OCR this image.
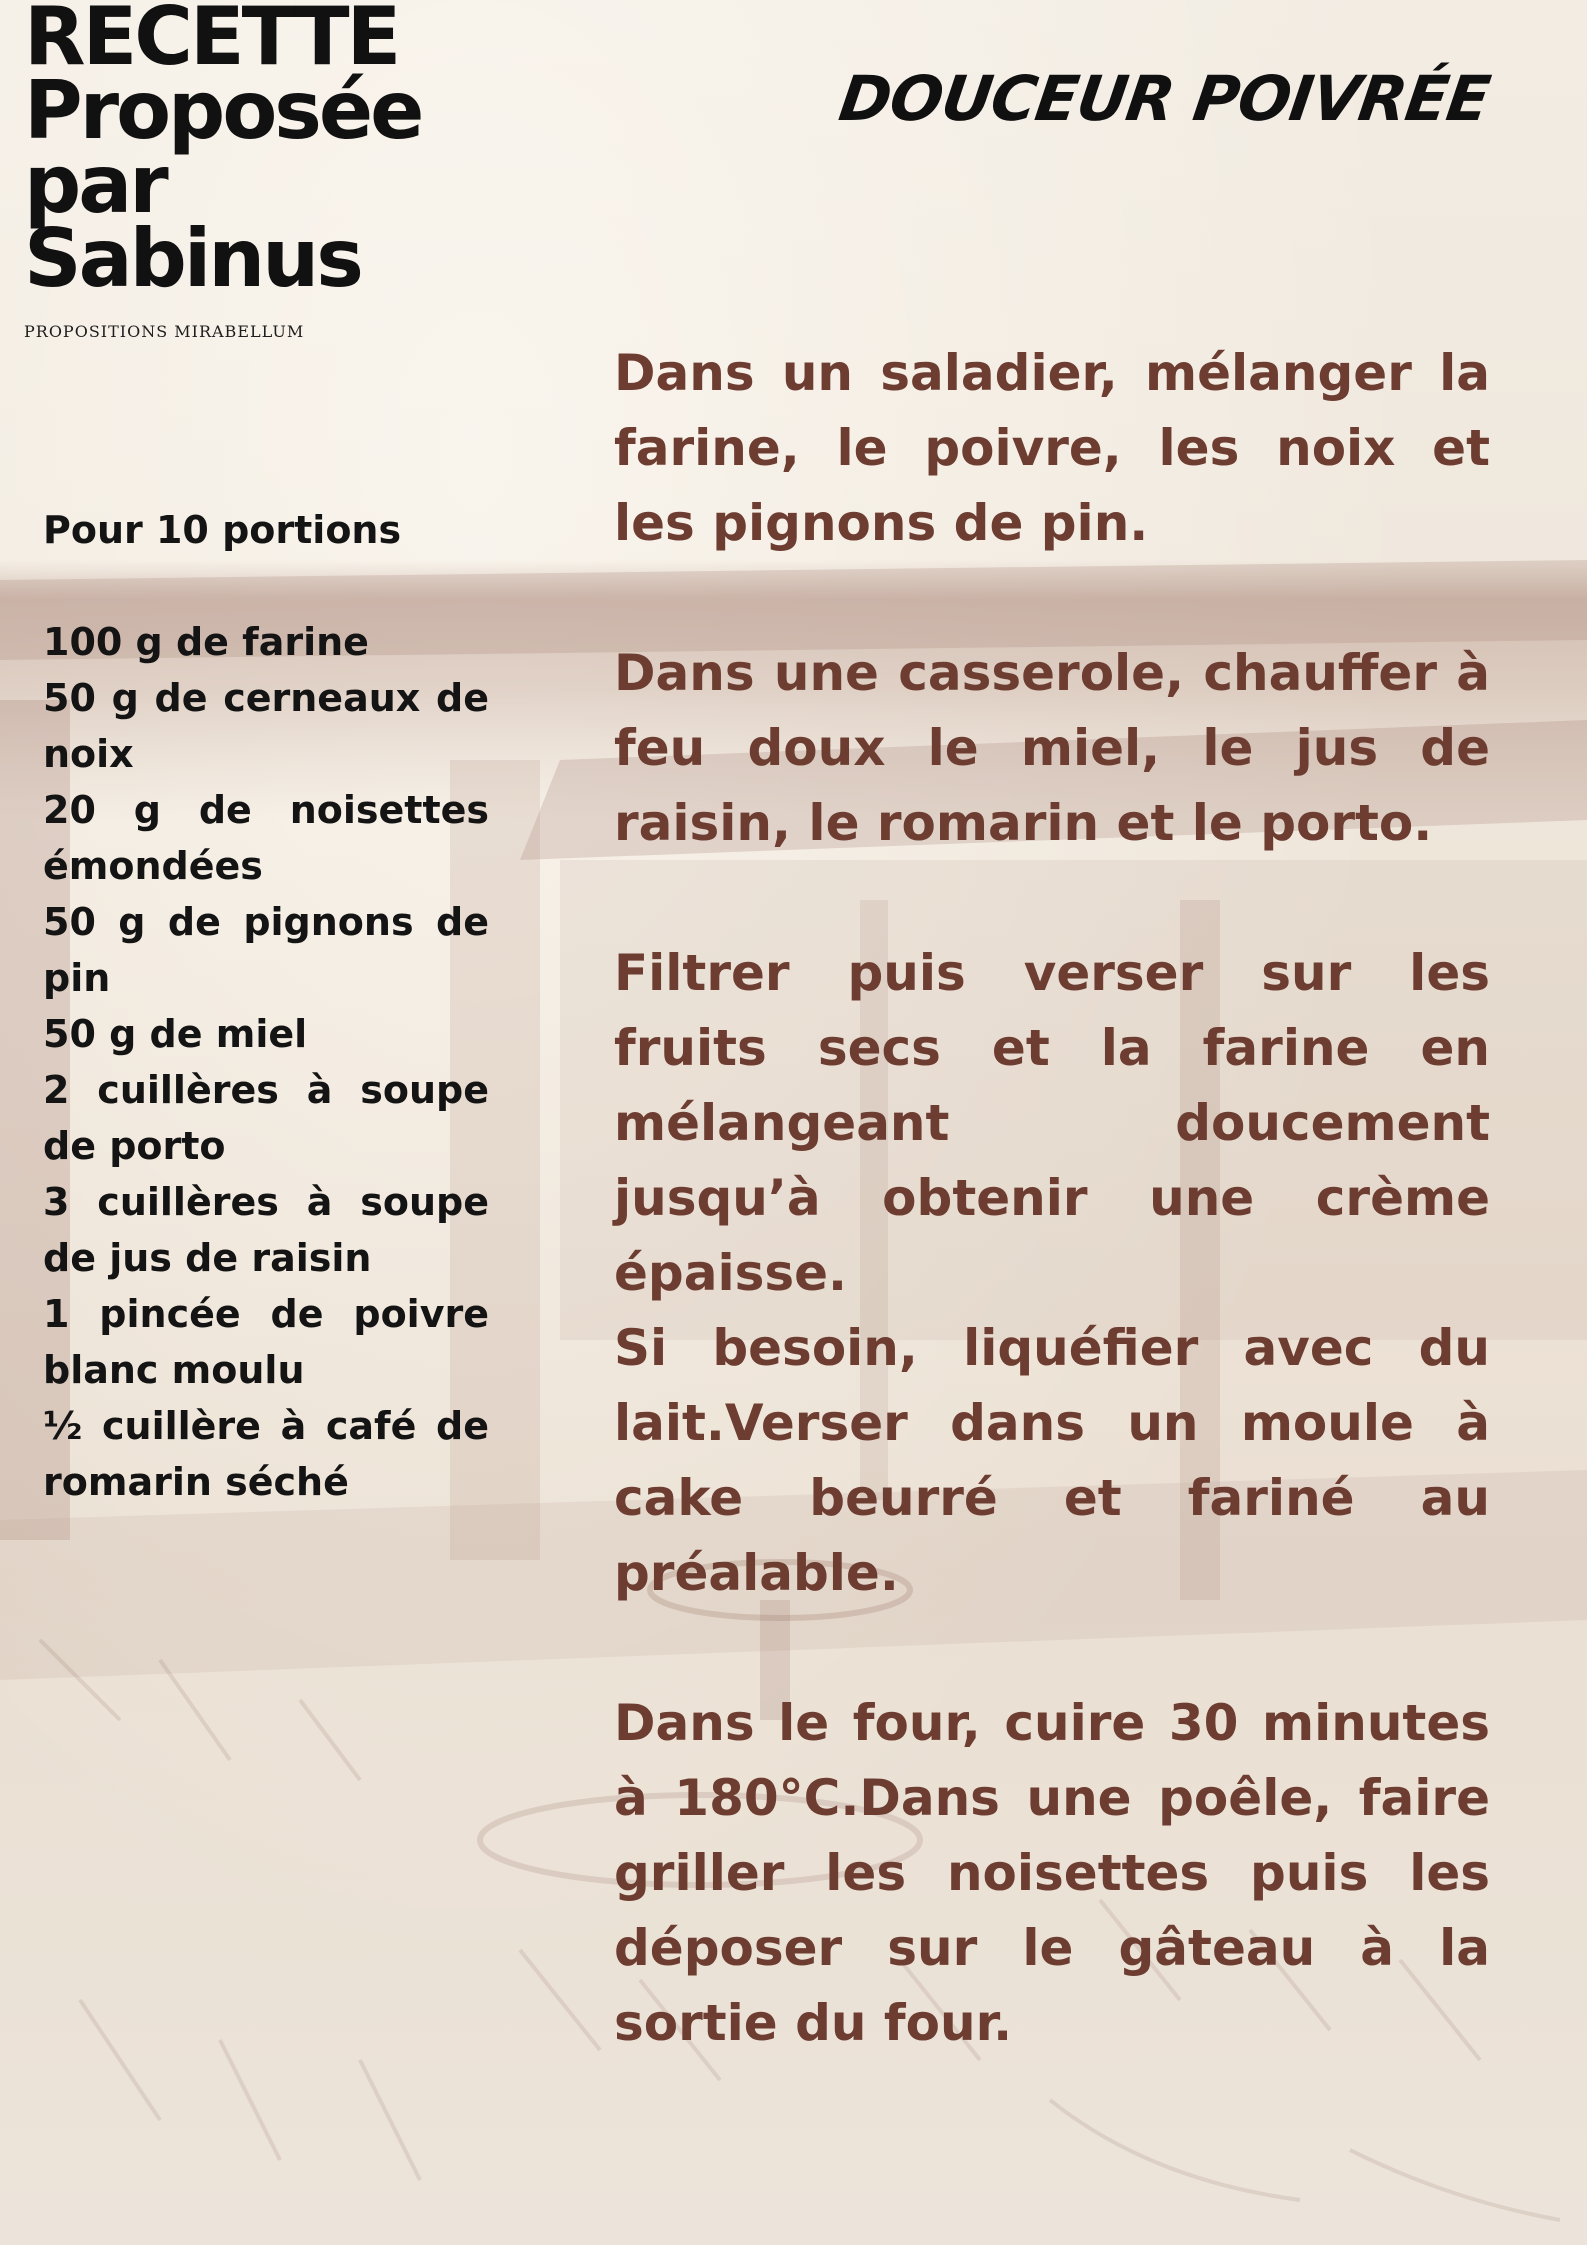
RECETTE
Proposée
par
Sabinus
PROPOSITIONS MIRABELLUM
DOUCEUR POIVRÉE
Pour 10 portions
100 g de farine
50 g de cerneaux de noix
20 g de noisettes émondées
50 g de pignons de pin
50 g de miel
2 cuillères à soupe de porto
3 cuillères à soupe de jus de raisin
1 pincée de poivre blanc moulu
½ cuillère à café de romarin séché

Dans un saladier, mélanger la farine, le poivre, les noix et les pignons de pin.

Dans une casserole, chauffer à feu doux le miel, le jus de raisin, le romarin et le porto.

Filtrer puis verser sur les fruits secs et la farine en mélangeant doucement jusqu’à obtenir une crème épaisse.

Si besoin, liquéfier avec du lait.Verser dans un moule à cake beurré et fariné au préalable.

Dans le four, cuire 30 minutes à 180°C.Dans une poêle, faire griller les noisettes puis les déposer sur le gâteau à la sortie du four.
